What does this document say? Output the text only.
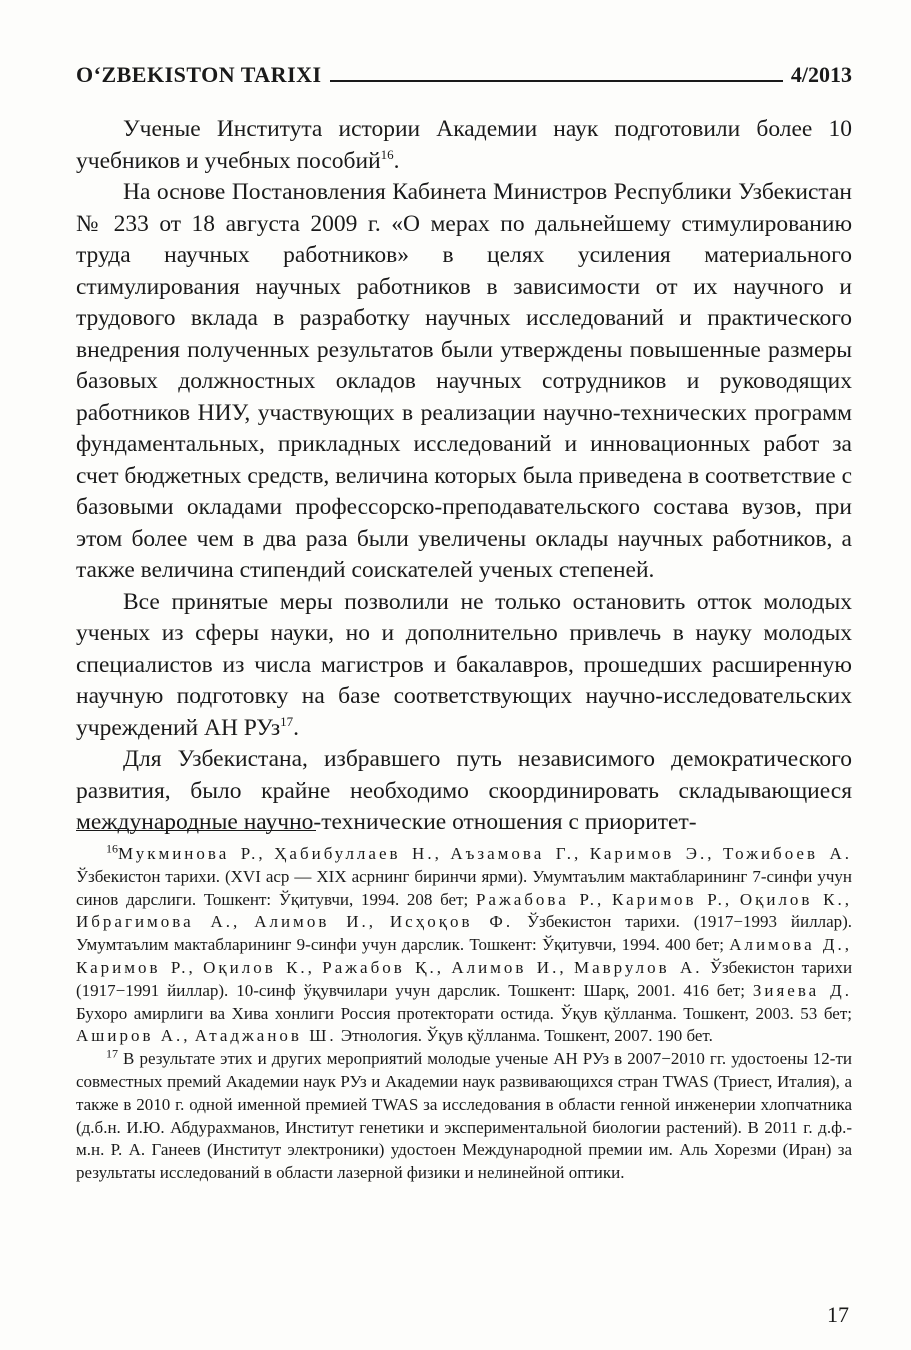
O‘ZBEKISTON TARIXI	4/2013

Ученые Института истории Академии наук подготовили более 10 учебников и учебных пособий$^{16}$.

На основе Постановления Кабинета Министров Республики Узбекистан № 233 от 18 августа 2009 г. «О мерах по дальнейшему стимулированию труда научных работников» в целях усиления материального стимулирования научных работников в зависимости от их научного и трудового вклада в разработку научных исследований и практического внедрения полученных результатов были утверждены повышенные размеры базовых должностных окладов научных сотрудников и руководящих работников НИУ, участвующих в реализации научно-технических программ фундаментальных, прикладных исследований и инновационных работ за счет бюджетных средств, величина которых была приведена в соответствие с базовыми окладами профессорско-преподавательского состава вузов, при этом более чем в два раза были увеличены оклады научных работников, а также величина стипендий соискателей ученых степеней.

Все принятые меры позволили не только остановить отток молодых ученых из сферы науки, но и дополнительно привлечь в науку молодых специалистов из числа магистров и бакалавров, прошедших расширенную научную подготовку на базе соответствующих научно-исследовательских учреждений АН РУз$^{17}$.

Для Узбекистана, избравшего путь независимого демократического развития, было крайне необходимо скоординировать складывающиеся международные научно-технические отношения с приоритет-

$^{16}$Мукминова Р., Ҳабибуллаев Н., Аъзамова Г., Каримов Э., Тожибоев А. Ўзбекистон тарихи. (XVI аср — XIX асрнинг биринчи ярми). Умумтаълим мактабларининг 7-синфи учун синов дарслиги. Тошкент: Ўқитувчи, 1994. 208 бет; Ражабова Р., Каримов Р., Оқилов К., Ибрагимова А., Алимов И., Исҳоқов Ф. Ўзбекистон тарихи. (1917−1993 йиллар). Умумтаълим мактабларининг 9-синфи учун дарслик. Тошкент: Ўқитувчи, 1994. 400 бет; Алимова Д., Каримов Р., Оқилов К., Ражабов Қ., Алимов И., Маврулов А. Ўзбекистон тарихи (1917−1991 йиллар). 10-синф ўқувчилари учун дарслик. Тошкент: Шарқ, 2001. 416 бет; Зияева Д. Бухоро амирлиги ва Хива хонлиги Россия протекторати остида. Ўқув қўлланма. Тошкент, 2003. 53 бет; Аширов А., Атаджанов Ш. Этнология. Ўқув қўлланма. Тошкент, 2007. 190 бет.

$^{17}$ В результате этих и других мероприятий молодые ученые АН РУз в 2007−2010 гг. удостоены 12-ти совместных премий Академии наук РУз и Академии наук развивающихся стран TWAS (Триест, Италия), а также в 2010 г. одной именной премией TWAS за исследования в области генной инженерии хлопчатника (д.б.н. И.Ю. Абдурахманов, Институт генетики и экспериментальной биологии растений). В 2011 г. д.ф.-м.н. Р. А. Ганеев (Институт электроники) удостоен Международной премии им. Аль Хорезми (Иран) за результаты исследований в области лазерной физики и нелинейной оптики.

17
